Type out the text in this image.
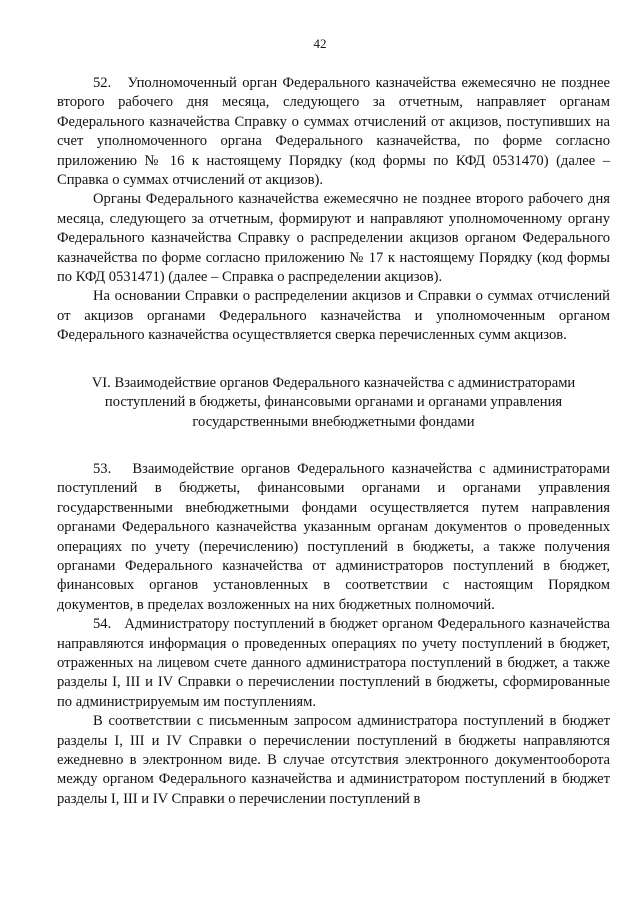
42

52.   Уполномоченный орган Федерального казначейства ежемесячно не позднее второго рабочего дня месяца, следующего за отчетным, направляет органам Федерального казначейства Справку о суммах отчислений от акцизов, поступивших на счет уполномоченного органа Федерального казначейства, по форме согласно приложению № 16 к настоящему Порядку (код формы по КФД 0531470) (далее – Справка о суммах отчислений от акцизов).

Органы Федерального казначейства ежемесячно не позднее второго рабочего дня месяца, следующего за отчетным, формируют и направляют уполномоченному органу Федерального казначейства Справку о распределении акцизов органом Федерального казначейства по форме согласно приложению № 17 к настоящему Порядку (код формы по КФД 0531471) (далее – Справка о распределении акцизов).

На основании Справки о распределении акцизов и Справки о суммах отчислений от акцизов органами Федерального казначейства и уполномоченным органом Федерального казначейства осуществляется сверка перечисленных сумм акцизов.

VI. Взаимодействие органов Федерального казначейства с администраторами
поступлений в бюджеты, финансовыми органами и органами управления
государственными внебюджетными фондами

53.   Взаимодействие органов Федерального казначейства с администраторами поступлений в бюджеты, финансовыми органами и органами управления государственными внебюджетными фондами осуществляется путем направления органами Федерального казначейства указанным органам документов о проведенных операциях по учету (перечислению) поступлений в бюджеты, а также получения органами Федерального казначейства от администраторов поступлений в бюджет, финансовых органов установленных в соответствии с настоящим Порядком документов, в пределах возложенных на них бюджетных полномочий.

54.   Администратору поступлений в бюджет органом Федерального казначейства направляются информация о проведенных операциях по учету поступлений в бюджет, отраженных на лицевом счете данного администратора поступлений в бюджет, а также разделы I, III и IV Справки о перечислении поступлений в бюджеты, сформированные по администрируемым им поступлениям.

В соответствии с письменным запросом администратора поступлений в бюджет разделы I, III и IV Справки о перечислении поступлений в бюджеты направляются ежедневно в электронном виде. В случае отсутствия электронного документооборота между органом Федерального казначейства и администратором поступлений в бюджет разделы I, III и IV Справки о перечислении поступлений в
